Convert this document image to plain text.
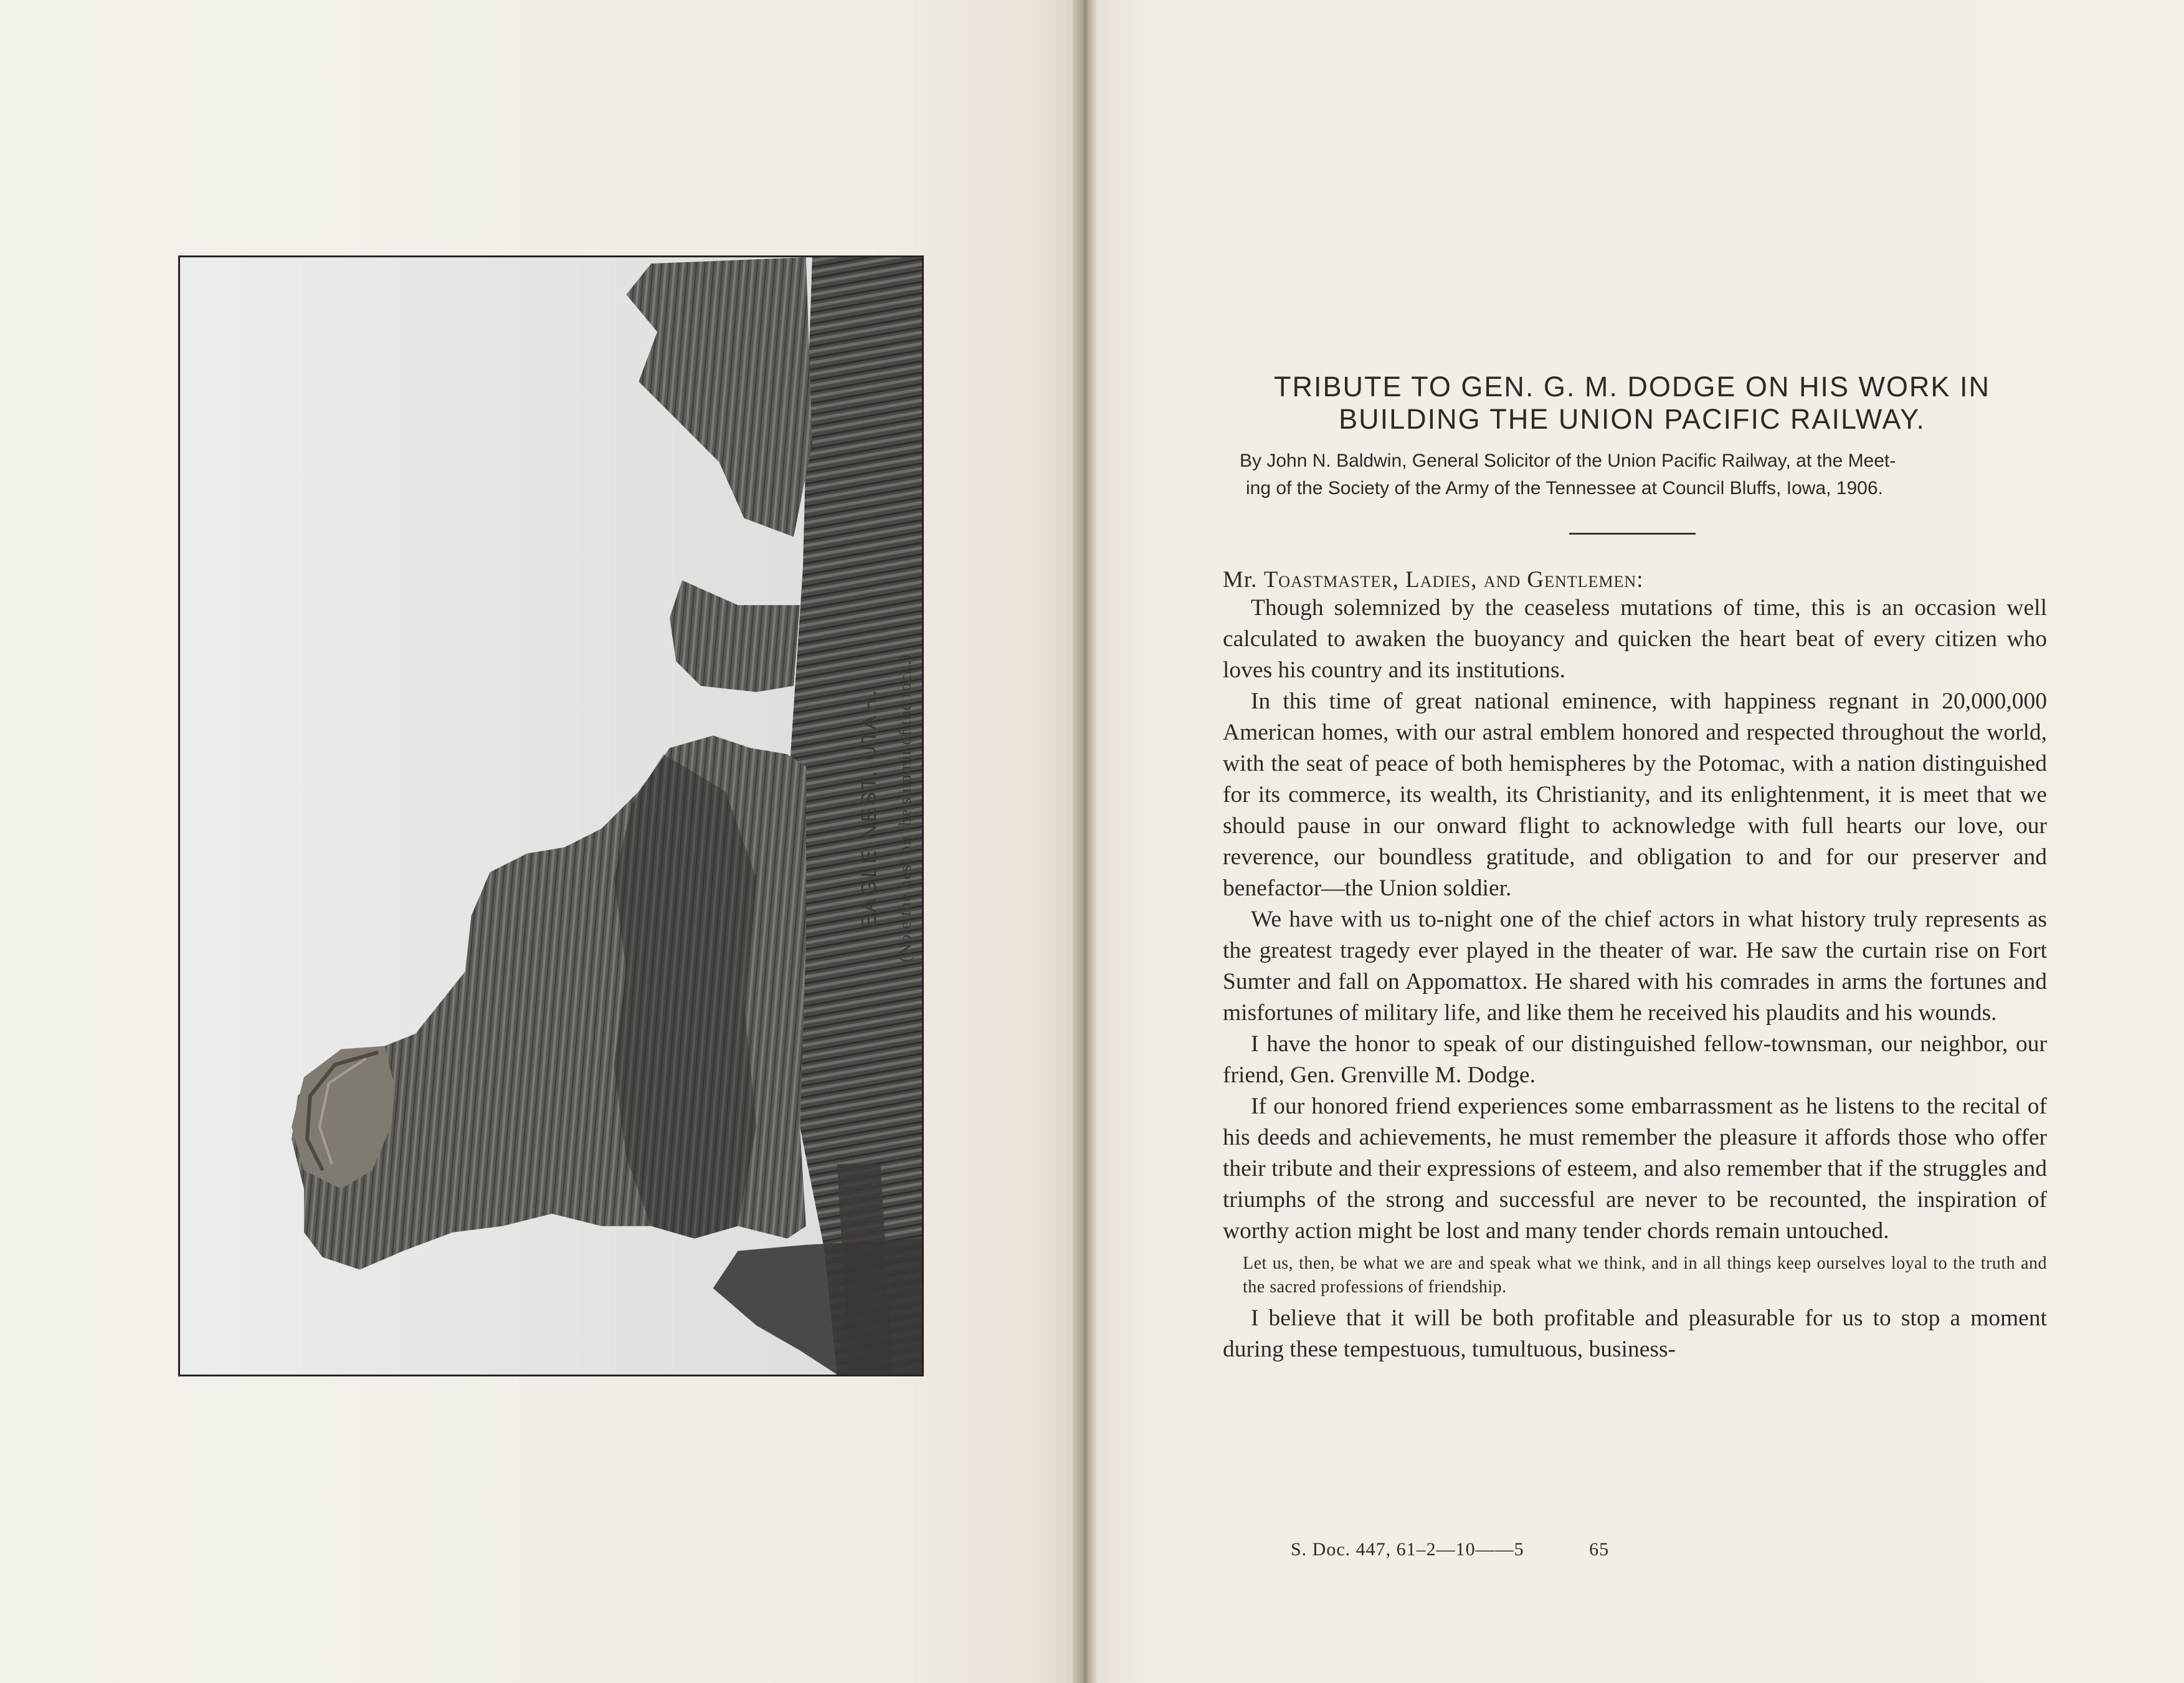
EAGLE NEST, UTAH. (Note the nest on the summit of the rock.)
TRIBUTE TO GEN. G. M. DODGE ON HIS WORK IN
BUILDING THE UNION PACIFIC RAILWAY.
By John N. Baldwin, General Solicitor of the Union Pacific Railway, at the Meet-
ing of the Society of the Army of the Tennessee at Council Bluffs, Iowa, 1906.
Mr. Toastmaster, Ladies, and Gentlemen:

Though solemnized by the ceaseless mutations of time, this is an occasion well calculated to awaken the buoyancy and quicken the heart beat of every citizen who loves his country and its institutions.

In this time of great national eminence, with happiness regnant in 20,000,000 American homes, with our astral emblem honored and respected throughout the world, with the seat of peace of both hemispheres by the Potomac, with a nation distinguished for its commerce, its wealth, its Christianity, and its enlightenment, it is meet that we should pause in our onward flight to acknowledge with full hearts our love, our reverence, our boundless gratitude, and obligation to and for our preserver and benefactor—the Union soldier.

We have with us to-night one of the chief actors in what history truly represents as the greatest tragedy ever played in the theater of war. He saw the curtain rise on Fort Sumter and fall on Appomattox. He shared with his comrades in arms the fortunes and misfortunes of military life, and like them he received his plaudits and his wounds.

I have the honor to speak of our distinguished fellow-townsman, our neighbor, our friend, Gen. Grenville M. Dodge.

If our honored friend experiences some embarrassment as he listens to the recital of his deeds and achievements, he must remember the pleasure it affords those who offer their tribute and their expressions of esteem, and also remember that if the struggles and triumphs of the strong and successful are never to be recounted, the inspiration of worthy action might be lost and many tender chords remain untouched.

Let us, then, be what we are and speak what we think, and in all things keep ourselves loyal to the truth and the sacred professions of friendship.

I believe that it will be both profitable and pleasurable for us to stop a moment during these tempestuous, tumultuous, business-

S. Doc. 447, 61–2—10——5	65
